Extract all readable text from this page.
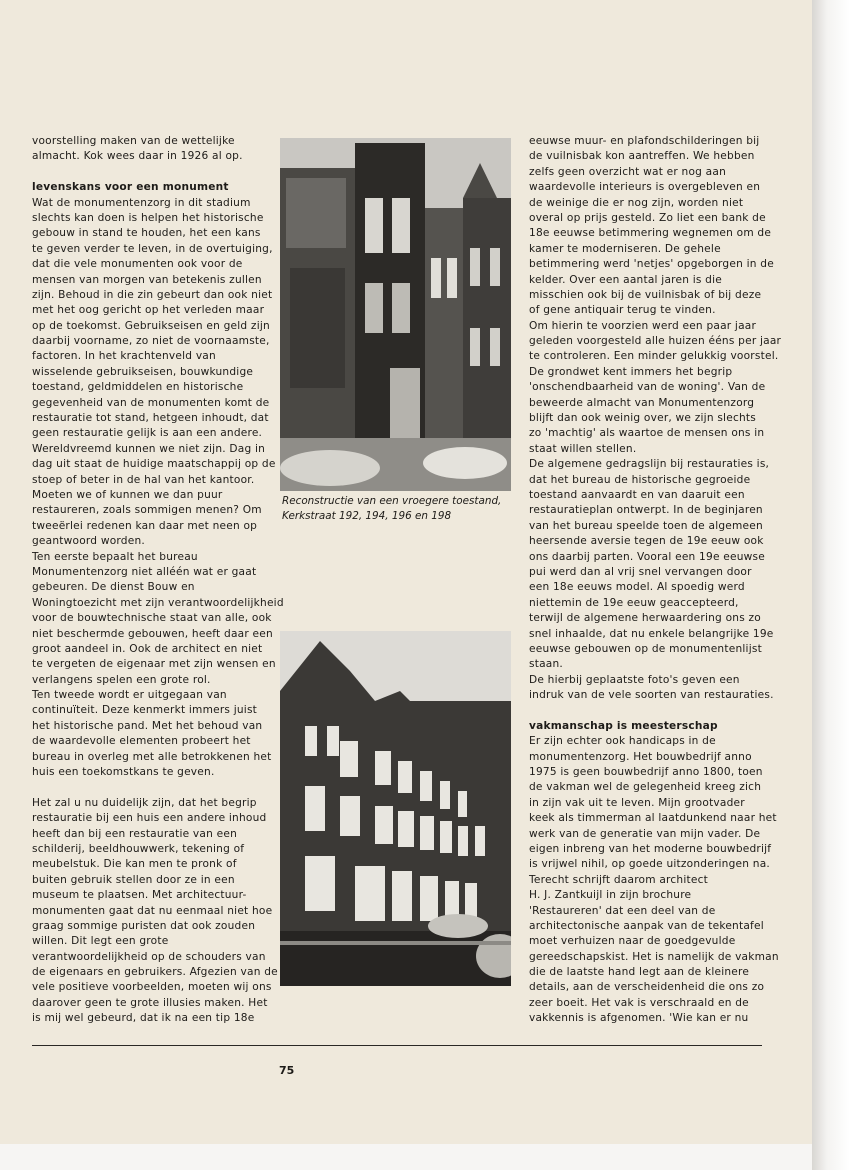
voorstelling maken van de wettelijke
almacht. Kok wees daar in 1926 al op.
levenskans voor een monument
Wat de monumentenzorg in dit stadium
slechts kan doen is helpen het historische
gebouw in stand te houden, het een kans
te geven verder te leven, in de overtuiging,
dat die vele monumenten ook voor de
mensen van morgen van betekenis zullen
zijn. Behoud in die zin gebeurt dan ook niet
met het oog gericht op het verleden maar
op de toekomst. Gebruikseisen en geld zijn
daarbij voorname, zo niet de voornaamste,
factoren. In het krachtenveld van
wisselende gebruikseisen, bouwkundige
toestand, geldmiddelen en historische
gegevenheid van de monumenten komt de
restauratie tot stand, hetgeen inhoudt, dat
geen restauratie gelijk is aan een andere.
Wereldvreemd kunnen we niet zijn. Dag in
dag uit staat de huidige maatschappij op de
stoep of beter in de hal van het kantoor.
Moeten we of kunnen we dan puur
restaureren, zoals sommigen menen? Om
tweeërlei redenen kan daar met neen op
geantwoord worden.
Ten eerste bepaalt het bureau
Monumentenzorg niet alléén wat er gaat
gebeuren. De dienst Bouw en
Woningtoezicht met zijn verantwoordelijkheid
voor de bouwtechnische staat van alle, ook
niet beschermde gebouwen, heeft daar een
groot aandeel in. Ook de architect en niet
te vergeten de eigenaar met zijn wensen en
verlangens spelen een grote rol.
Ten tweede wordt er uitgegaan van
continuïteit. Deze kenmerkt immers juist
het historische pand. Met het behoud van
de waardevolle elementen probeert het
bureau in overleg met alle betrokkenen het
huis een toekomstkans te geven.
Het zal u nu duidelijk zijn, dat het begrip
restauratie bij een huis een andere inhoud
heeft dan bij een restauratie van een
schilderij, beeldhouwwerk, tekening of
meubelstuk. Die kan men te pronk of
buiten gebruik stellen door ze in een
museum te plaatsen. Met architectuur-
monumenten gaat dat nu eenmaal niet hoe
graag sommige puristen dat ook zouden
willen. Dit legt een grote
verantwoordelijkheid op de schouders van
de eigenaars en gebruikers. Afgezien van de
vele positieve voorbeelden, moeten wij ons
daarover geen te grote illusies maken. Het
is mij wel gebeurd, dat ik na een tip 18e
eeuwse muur- en plafondschilderingen bij
de vuilnisbak kon aantreffen. We hebben
zelfs geen overzicht wat er nog aan
waardevolle interieurs is overgebleven en
de weinige die er nog zijn, worden niet
overal op prijs gesteld. Zo liet een bank de
18e eeuwse betimmering wegnemen om de
kamer te moderniseren. De gehele
betimmering werd 'netjes' opgeborgen in de
kelder. Over een aantal jaren is die
misschien ook bij de vuilnisbak of bij deze
of gene antiquair terug te vinden.
Om hierin te voorzien werd een paar jaar
geleden voorgesteld alle huizen ééns per jaar
te controleren. Een minder gelukkig voorstel.
De grondwet kent immers het begrip
'onschendbaarheid van de woning'. Van de
beweerde almacht van Monumentenzorg
blijft dan ook weinig over, we zijn slechts
zo 'machtig' als waartoe de mensen ons in
staat willen stellen.
De algemene gedragslijn bij restauraties is,
dat het bureau de historische gegroeide
toestand aanvaardt en van daaruit een
restauratieplan ontwerpt. In de beginjaren
van het bureau speelde toen de algemeen
heersende aversie tegen de 19e eeuw ook
ons daarbij parten. Vooral een 19e eeuwse
pui werd dan al vrij snel vervangen door
een 18e eeuws model. Al spoedig werd
niettemin de 19e eeuw geaccepteerd,
terwijl de algemene herwaardering ons zo
snel inhaalde, dat nu enkele belangrijke 19e
eeuwse gebouwen op de monumentenlijst
staan.
De hierbij geplaatste foto's geven een
indruk van de vele soorten van restauraties.
vakmanschap is meesterschap
Er zijn echter ook handicaps in de
monumentenzorg. Het bouwbedrijf anno
1975 is geen bouwbedrijf anno 1800, toen
de vakman wel de gelegenheid kreeg zich
in zijn vak uit te leven. Mijn grootvader
keek als timmerman al laatdunkend naar het
werk van de generatie van mijn vader. De
eigen inbreng van het moderne bouwbedrijf
is vrijwel nihil, op goede uitzonderingen na.
Terecht schrijft daarom architect
H. J. Zantkuijl in zijn brochure
'Restaureren' dat een deel van de
architectonische aanpak van de tekentafel
moet verhuizen naar de goedgevulde
gereedschapskist. Het is namelijk de vakman
die de laatste hand legt aan de kleinere
details, aan de verscheidenheid die ons zo
zeer boeit. Het vak is verschraald en de
vakkennis is afgenomen. 'Wie kan er nu
Reconstructie van een vroegere toestand,
Kerkstraat 192, 194, 196 en 198
75
